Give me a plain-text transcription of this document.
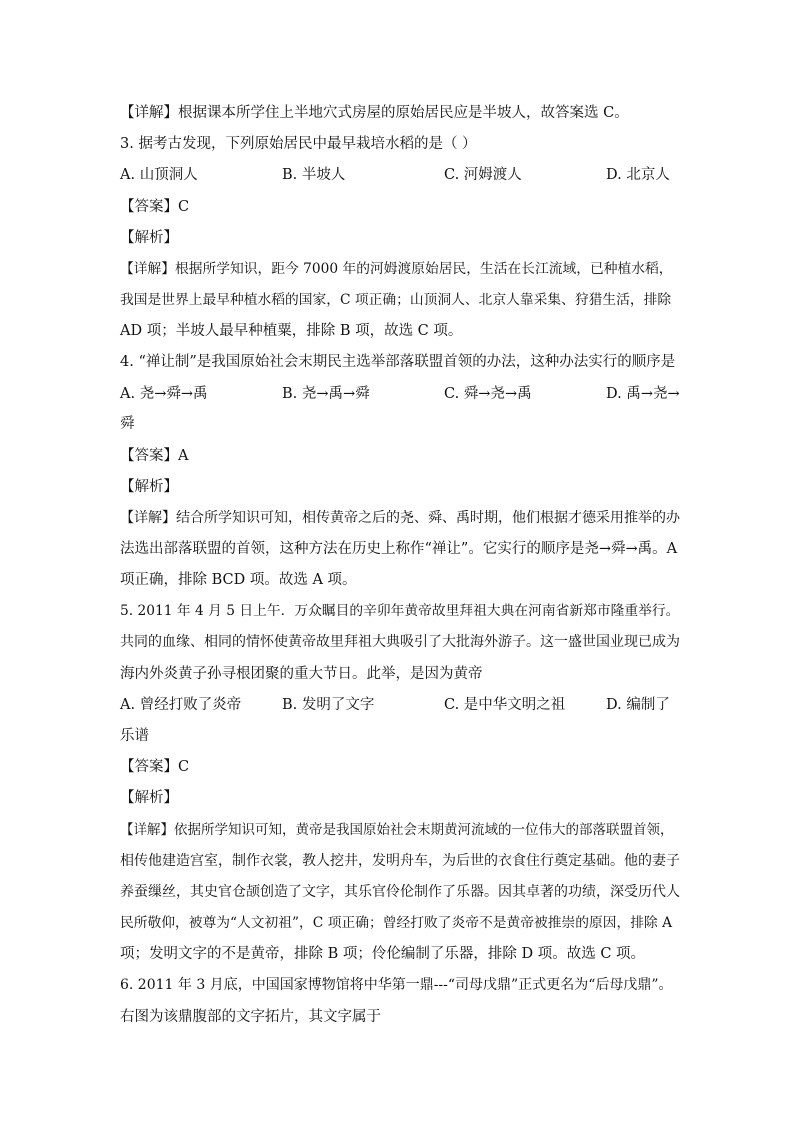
【详解】根据课本所学住上半地穴式房屋的原始居民应是半坡人，故答案选 C。
3. 据考古发现，下列原始居民中最早栽培水稻的是（ ）
A. 山顶洞人	B. 半坡人	C. 河姆渡人	D. 北京人
【答案】C
【解析】
【详解】根据所学知识，距今 7000 年的河姆渡原始居民，生活在长江流域，已种植水稻，
我国是世界上最早种植水稻的国家，C 项正确；山顶洞人、北京人靠采集、狩猎生活，排除
AD 项；半坡人最早种植粟，排除 B 项，故选 C 项。
4. “禅让制”是我国原始社会末期民主选举部落联盟首领的办法，这种办法实行的顺序是
A. 尧→舜→禹	B. 尧→禹→舜	C. 舜→尧→禹	D. 禹→尧→
舜
【答案】A
【解析】
【详解】结合所学知识可知，相传黄帝之后的尧、舜、禹时期，他们根据才德采用推举的办
法选出部落联盟的首领，这种方法在历史上称作“禅让”。它实行的顺序是尧→舜→禹。A
项正确，排除 BCD 项。故选 A 项。
5. 2011 年 4 月 5 日上午．万众瞩目的辛卯年黄帝故里拜祖大典在河南省新郑市隆重举行。
共同的血缘、相同的情怀使黄帝故里拜祖大典吸引了大批海外游子。这一盛世国业现已成为
海内外炎黄子孙寻根团聚的重大节日。此举，是因为黄帝
A. 曾经打败了炎帝	B. 发明了文字	C. 是中华文明之祖	D. 编制了
乐谱
【答案】C
【解析】
【详解】依据所学知识可知，黄帝是我国原始社会末期黄河流域的一位伟大的部落联盟首领，
相传他建造宫室，制作衣裳，教人挖井，发明舟车，为后世的衣食住行奠定基础。他的妻子
养蚕缫丝，其史官仓颉创造了文字，其乐官伶伦制作了乐器。因其卓著的功绩，深受历代人
民所敬仰，被尊为“人文初祖”，C 项正确；曾经打败了炎帝不是黄帝被推崇的原因，排除 A
项；发明文字的不是黄帝，排除 B 项；伶伦编制了乐器，排除 D 项。故选 C 项。
6. 2011 年 3 月底，中国国家博物馆将中华第一鼎---“司母戊鼎”正式更名为“后母戊鼎”。
右图为该鼎腹部的文字拓片，其文字属于
